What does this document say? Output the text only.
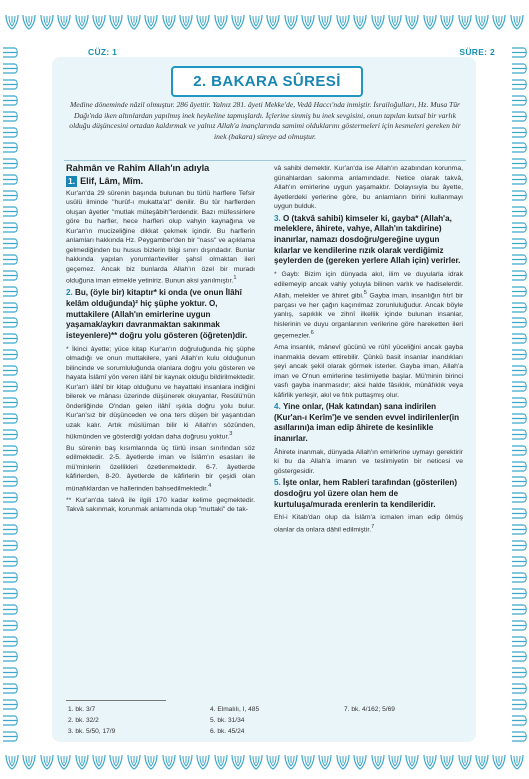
CÜZ: 1	SÜRE: 2
2. BAKARA SÛRESİ
Medine döneminde nâzil olmuştur. 286 âyettir. Yalnız 281. âyeti Mekke'de, Vedâ Haccı'nda inmiştir. İsrailoğulları, Hz. Musa Tûr Dağı'nda iken altınlardan yapılmış inek heykeline tapmışlardı. İçlerine sinmiş bu inek sevgisini, onun tapılan kutsal bir varlık olduğu düşüncesini ortadan kaldırmak ve yalnız Allah'a inançlarında samimi olduklarını göstermeleri için kesmeleri gereken bir inek (bakara) süreye ad olmuştur.
Rahmân ve Rahîm Allah'ın adıyla
1. Elif, Lâm, Mîm.

Kur'an'da 29 sûrenin başında bulunan bu türlü harflere Tefsir usûlü ilminde "hurûf-ı mukatta'at" denilir. Bu tür harflerden oluşan âyetler "mutlak müteşâbih"lerdendir. Bazı müfessirlere göre bu harfler, hece harfleri olup vahyin kaynağına ve Kur'an'ın mucizeliğine dikkat çekmek içindir. Bu harflerin anlamları hakkında Hz. Peygamber'den bir "nass" ve açıklama gelmediğinden bu husus bizlerin bilgi sınırı dışındadır. Bunlar hakkında yapılan yorumlar/teviller şahsî olmaktan ileri geçemez. Ancak biz bunlarda Allah'ın özel bir muradı olduğuna iman etmekle yetiniriz. Bunun aksi yanılmıştır.$^1$

2. Bu, (öyle bir) kitaptır* ki onda (ve onun İlâhî kelâm olduğunda)² hiç şüphe yoktur. O, muttakilere (Allah'ın emirlerine uygun yaşamak/aykırı davranmaktan sakınmak isteyenlere)** doğru yolu gösteren (öğreten)dir.

* İkinci âyette; yüce kitap Kur'an'ın doğruluğunda hiç şüphe olmadığı ve onun muttakilere, yani Allah'ın kulu olduğunun bilincinde ve sorumluluğunda olanlara doğru yolu gösteren ve hayata İslâmî yön veren ilâhî bir kaynak olduğu bildirilmektedir. Kur'an'ı ilâhî bir kitap olduğunu ve hayattaki insanlara indiğini bilerek ve mânası üzerinde düşünerek okuyanlar, Resûlü'nün önderliğinde O'ndan gelen ilâhî ışıkla doğru yolu bulur. Kur'an'sız bir düşünceden ve ona ters düşen bir yaşantıdan uzak kalır. Artık müslüman bilir ki Allah'ın sözünden, hükmünden ve gösterdiği yoldan daha doğrusu yoktur.$^3$

Bu sûrenin baş kısımlarında üç türlü insan sınıfından söz edilmektedir. 2-5. âyetlerde iman ve İslâm'ın esasları ile mü'minlerin özellikleri özetlenmektedir. 6-7. âyetlerde kâfirlerden, 8-20. âyetlerde de kâfirlerin bir çeşidi olan münafıklardan ve hallerinden bahsedilmektedir.$^4$

** Kur'an'da takvâ ile ilgili 170 kadar kelime geçmektedir. Takvâ sakınmak, korunmak anlamında olup "muttaki" de tak-

vâ sahibi demektir. Kur'an'da ise Allah'ın azabından korunma, günahlardan sakınma anlamındadır. Netice olarak takvâ, Allah'ın emirlerine uygun yaşamaktır. Dolayısıyla bu âyette, âyetlerdeki yerlerine göre, bu anlamların birini kullanmayı uygun bulduk.

3. O (takvâ sahibi) kimseler ki, gayba* (Allah'a, meleklere, âhirete, vahye, Allah'ın takdirine) inanırlar, namazı dosdoğru/gereğine uygun kılarlar ve kendilerine rızık olarak verdiğimiz şeylerden de (gereken yerlere Allah için) verirler.

* Gayb: Bizim için dünyada akıl, ilim ve duyularla idrak edilemeyip ancak vahiy yoluyla bilinen varlık ve hadiselerdir. Allah, melekler ve âhiret gibi.$^5$ Gayba iman, insanlığın fıtrî bir parçası ve her çağın kaçınılmaz zorunluluğudur. Ancak böyle yanlış, sapıklık ve zihnî ilkellik içinde bulunan insanlar, hislerinin ve duyu organlarının verilerine göre hareketten ileri geçemezler.$^6$

Ama insanlık, mânevî gücünü ve rûhî yüceliğini ancak gayba inanmakla devam ettirebilir. Çünkü basit insanlar inandıkları şeyi ancak şekil olarak görmek isterler. Gayba iman, Allah'a iman ve O'nun emirlerine teslimiyetle başlar. Mü'minin birinci vasfı gayba inanmasıdır; aksi halde fâsıklık, münâfıklık veya kâfirlik yerleşir, akıl ve fıtık puttaşmış olur.

4. Yine onlar, (Hak katından) sana indirilen (Kur'an-ı Kerîm')e ve senden evvel indirilenler(in asıllarını)a iman edip âhirete de kesinlikle inanırlar.

Âhirete inanmak, dünyada Allah'ın emirlerine uymayı gerektirir ki bu da Allah'a imanın ve teslimiyetin bir neticesi ve göstergesidir.

5. İşte onlar, hem Rableri tarafından (gösterilen) dosdoğru yol üzere olan hem de kurtuluşa/murada erenlerin ta kendileridir.

Ehl-i Kitab'dan olup da İslâm'a icmalen iman edip ölmüş olanlar da onlara dâhil edilmiştir.$^7$

1. bk. 3/7
2. bk. 32/2
3. bk. 5/50, 17/9
4. Elmalılı, I, 485
5. bk. 31/34
6. bk. 45/24
7. bk. 4/162; 5/69
